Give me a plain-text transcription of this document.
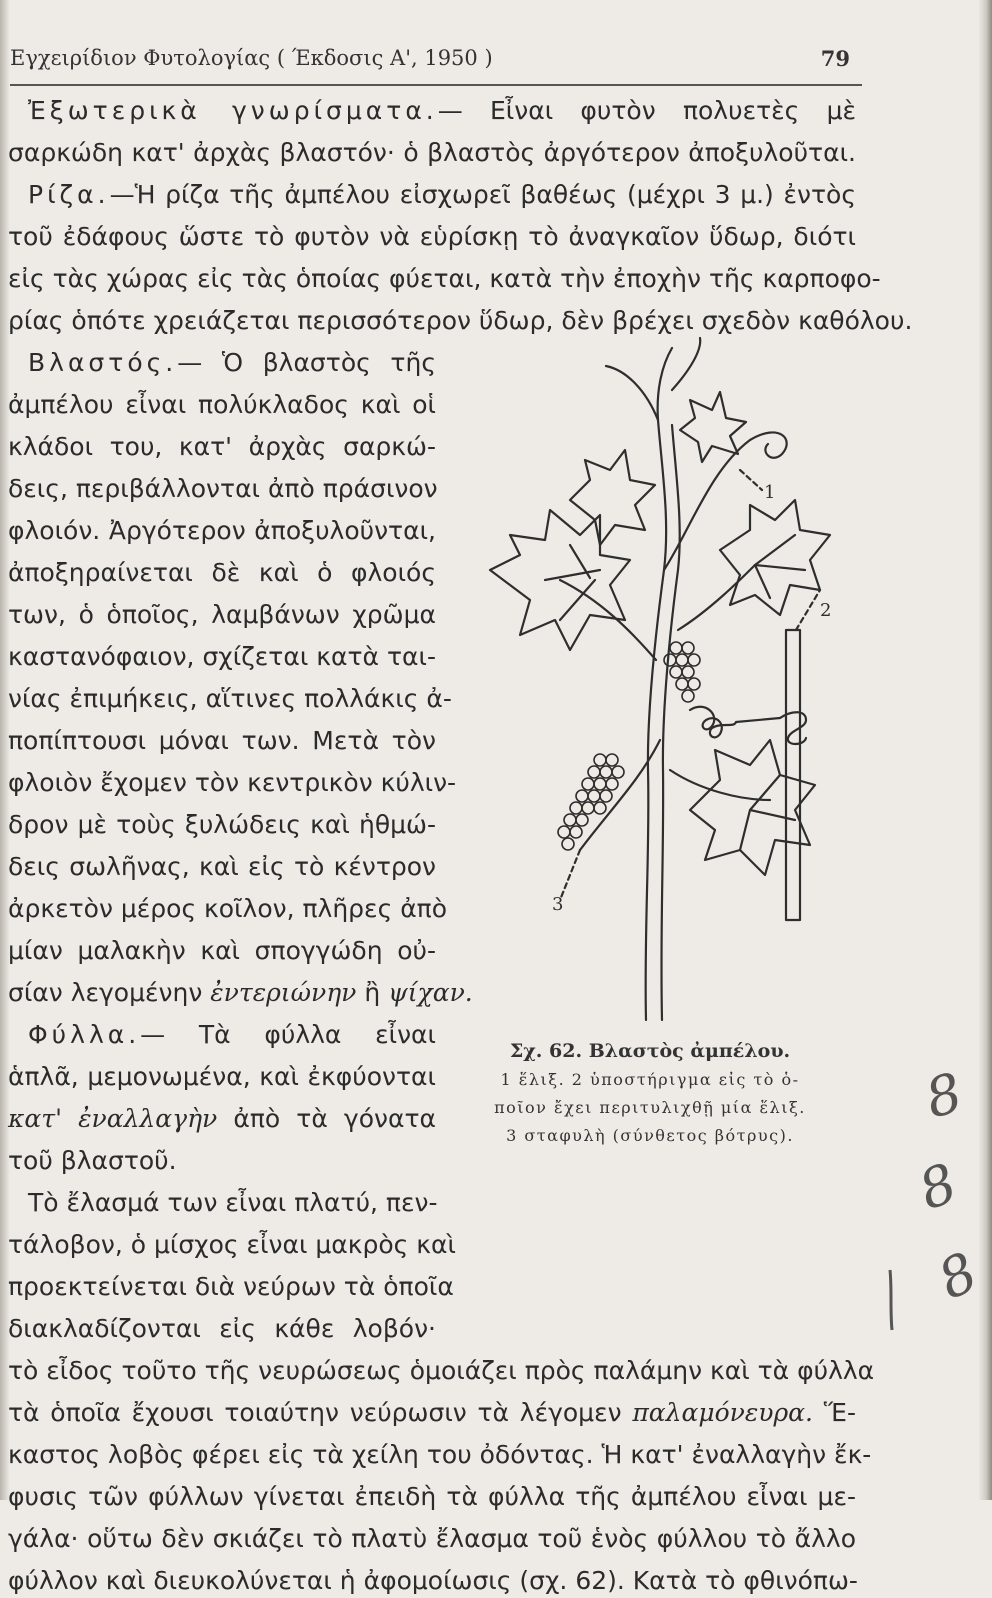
Εγχειρίδιον Φυτολογίας ( Έκδοσις Α', 1950 )	79
Ἐξωτερικὰ γνωρίσματα.— Εἶναι φυτὸν πολυετὲς μὲ
σαρκώδη κατ' ἀρχὰς βλαστόν· ὁ βλαστὸς ἀργότερον ἀποξυλοῦται.
Ρίζα.—Ἡ ρίζα τῆς ἀμπέλου εἰσχωρεῖ βαθέως (μέχρι 3 μ.) ἐντὸς
τοῦ ἐδάφους ὥστε τὸ φυτὸν νὰ εὑρίσκῃ τὸ ἀναγκαῖον ὕδωρ, διότι
εἰς τὰς χώρας εἰς τὰς ὁποίας φύεται, κατὰ τὴν ἐποχὴν τῆς καρποφο-
ρίας ὁπότε χρειάζεται περισσότερον ὕδωρ, δὲν βρέχει σχεδὸν καθόλου.
Βλαστός.— Ὁ βλαστὸς τῆς
ἀμπέλου εἶναι πολύκλαδος καὶ οἱ
κλάδοι του, κατ' ἀρχὰς σαρκώ-
δεις, περιβάλλονται ἀπὸ πράσινον
φλοιόν. Ἀργότερον ἀποξυλοῦνται,
ἀποξηραίνεται δὲ καὶ ὁ φλοιός
των, ὁ ὁποῖος, λαμβάνων χρῶμα
καστανόφαιον, σχίζεται κατὰ ται-
νίας ἐπιμήκεις, αἵτινες πολλάκις ἀ-
ποπίπτουσι μόναι των. Μετὰ τὸν
φλοιὸν ἔχομεν τὸν κεντρικὸν κύλιν-
δρον μὲ τοὺς ξυλώδεις καὶ ἡθμώ-
δεις σωλῆνας, καὶ εἰς τὸ κέντρον
ἀρκετὸν μέρος κοῖλον, πλῆρες ἀπὸ
μίαν μαλακὴν καὶ σπογγώδη οὐ-
σίαν λεγομένην ἐντεριώνην ἢ ψίχαν.
Φύλλα.— Τὰ φύλλα εἶναι
ἁπλᾶ, μεμονωμένα, καὶ ἐκφύονται
κατ' ἐναλλαγὴν ἀπὸ τὰ γόνατα
τοῦ βλαστοῦ.
Τὸ ἔλασμά των εἶναι πλατύ, πεν-
τάλοβον, ὁ μίσχος εἶναι μακρὸς καὶ
προεκτείνεται διὰ νεύρων τὰ ὁποῖα
διακλαδίζονται εἰς κάθε λοβόν·
τὸ εἶδος τοῦτο τῆς νευρώσεως ὁμοιάζει πρὸς παλάμην καὶ τὰ φύλλα
τὰ ὁποῖα ἔχουσι τοιαύτην νεύρωσιν τὰ λέγομεν παλαμόνευρα. Ἕ-
καστος λοβὸς φέρει εἰς τὰ χείλη του ὀδόντας. Ἡ κατ' ἐναλλαγὴν ἔκ-
φυσις τῶν φύλλων γίνεται ἐπειδὴ τὰ φύλλα τῆς ἀμπέλου εἶναι με-
γάλα· οὕτω δὲν σκιάζει τὸ πλατὺ ἔλασμα τοῦ ἑνὸς φύλλου τὸ ἄλλο
φύλλον καὶ διευκολύνεται ἡ ἀφομοίωσις (σχ. 62). Κατὰ τὸ φθινόπω-
1
2
3
Σχ. 62. Βλαστὸς ἀμπέλου.
1 ἕλιξ. 2 ὑποστήριγμα εἰς τὸ ὁ-
ποῖον ἔχει περιτυλιχθῇ μία ἕλιξ.
3 σταφυλὴ (σύνθετος βότρυς).
8
8
8
